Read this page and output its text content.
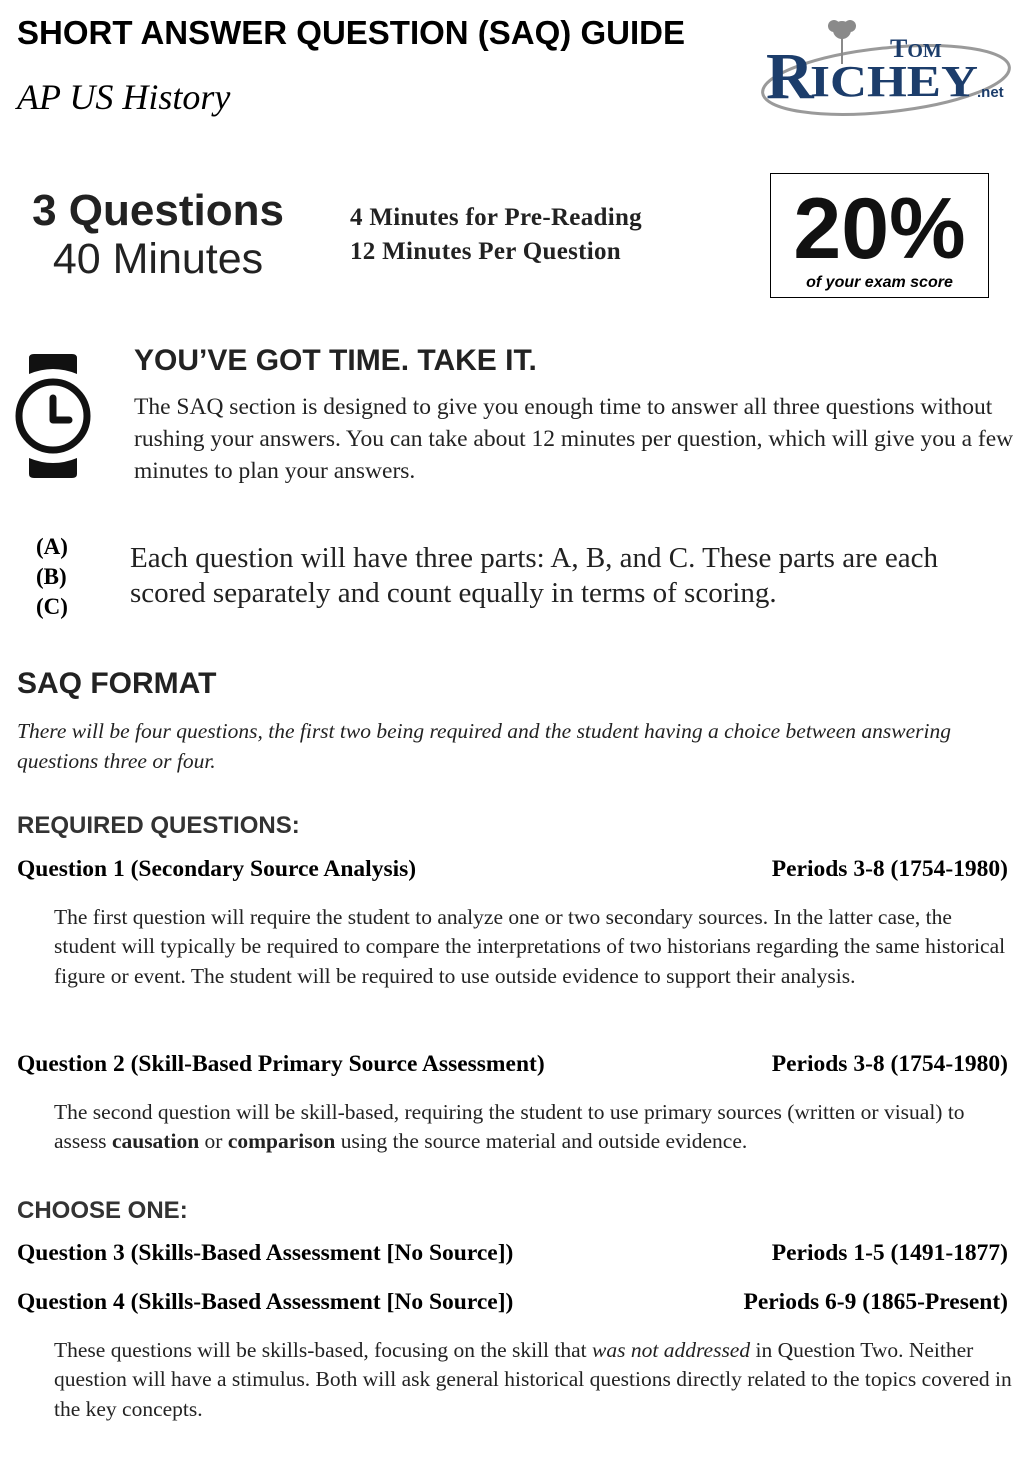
SHORT ANSWER QUESTION (SAQ) GUIDE
AP US History
TOM
R
ICHEY .net
3 Questions
40 Minutes
4 Minutes for Pre-Reading
12 Minutes Per Question 20%
of your exam score
YOU’VE GOT TIME. TAKE IT.
The SAQ section is designed to give you enough time to answer all three questions without rushing your answers. You can take about 12 minutes per question, which will give you a few minutes to plan your answers.
(A)
(B)
(C)
Each question will have three parts: A, B, and C. These parts are each scored separately and count equally in terms of scoring.
SAQ FORMAT
There will be four questions, the first two being required and the student having a choice between answering questions three or four.
REQUIRED QUESTIONS:
Question 1 (Secondary Source Analysis)	Periods 3-8 (1754-1980)
The first question will require the student to analyze one or two secondary sources. In the latter case, the student will typically be required to compare the interpretations of two historians regarding the same historical figure or event. The student will be required to use outside evidence to support their analysis.
Question 2 (Skill-Based Primary Source Assessment)	Periods 3-8 (1754-1980)
The second question will be skill-based, requiring the student to use primary sources (written or visual) to assess causation or comparison using the source material and outside evidence.
CHOOSE ONE:
Question 3 (Skills-Based Assessment [No Source])	Periods 1-5 (1491-1877)
Question 4 (Skills-Based Assessment [No Source])	Periods 6-9 (1865-Present)
These questions will be skills-based, focusing on the skill that was not addressed in Question Two. Neither question will have a stimulus. Both will ask general historical questions directly related to the topics covered in the key concepts.
